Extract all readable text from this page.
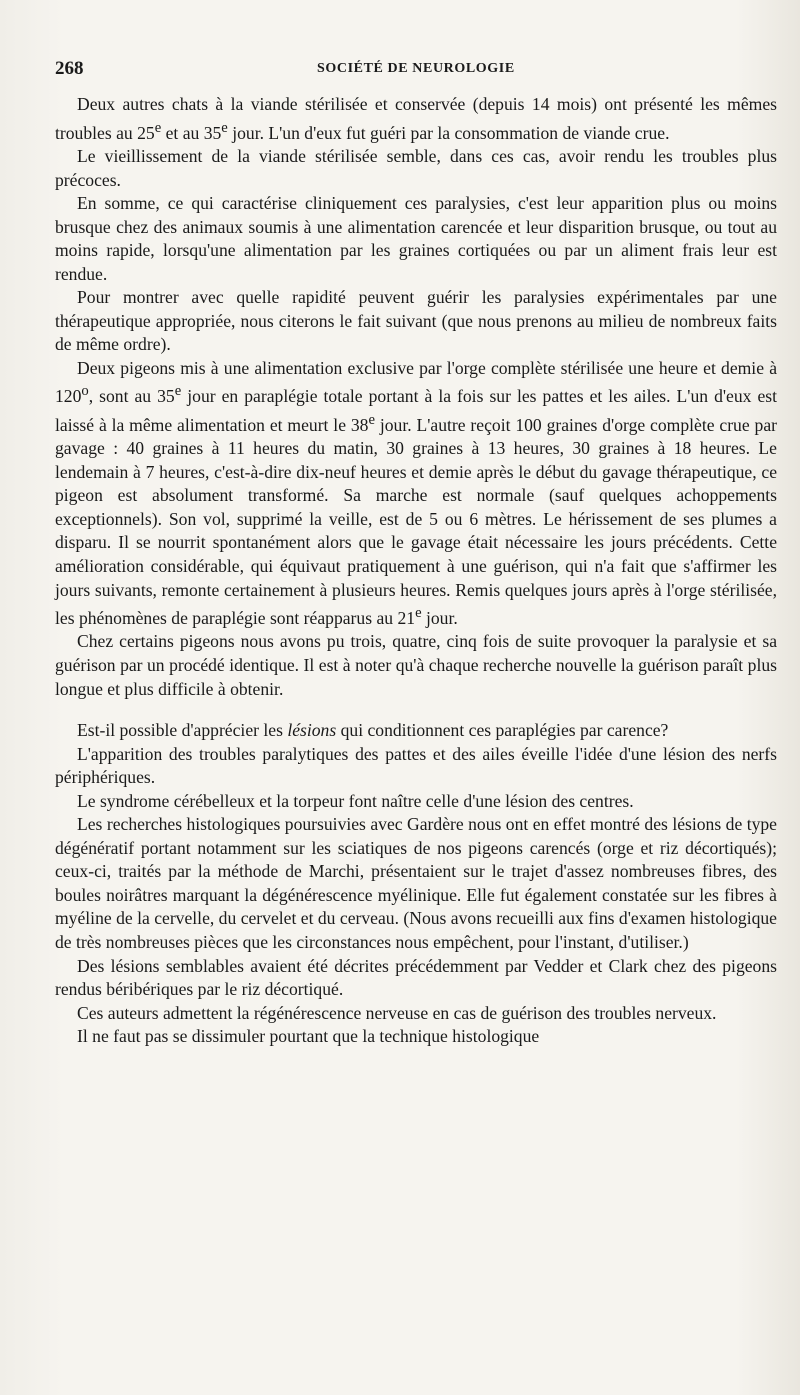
268	SOCIÉTÉ DE NEUROLOGIE

Deux autres chats à la viande stérilisée et conservée (depuis 14 mois) ont présenté les mêmes troubles au 25e et au 35e jour. L'un d'eux fut guéri par la consommation de viande crue.

Le vieillissement de la viande stérilisée semble, dans ces cas, avoir rendu les troubles plus précoces.

En somme, ce qui caractérise cliniquement ces paralysies, c'est leur apparition plus ou moins brusque chez des animaux soumis à une alimentation carencée et leur disparition brusque, ou tout au moins rapide, lorsqu'une alimentation par les graines cortiquées ou par un aliment frais leur est rendue.

Pour montrer avec quelle rapidité peuvent guérir les paralysies expérimentales par une thérapeutique appropriée, nous citerons le fait suivant (que nous prenons au milieu de nombreux faits de même ordre).

Deux pigeons mis à une alimentation exclusive par l'orge complète stérilisée une heure et demie à 120$^o$, sont au 35e jour en paraplégie totale portant à la fois sur les pattes et les ailes. L'un d'eux est laissé à la même alimentation et meurt le 38e jour. L'autre reçoit 100 graines d'orge complète crue par gavage : 40 graines à 11 heures du matin, 30 graines à 13 heures, 30 graines à 18 heures. Le lendemain à 7 heures, c'est-à-dire dix-neuf heures et demie après le début du gavage thérapeutique, ce pigeon est absolument transformé. Sa marche est normale (sauf quelques achoppements exceptionnels). Son vol, supprimé la veille, est de 5 ou 6 mètres. Le hérissement de ses plumes a disparu. Il se nourrit spontanément alors que le gavage était nécessaire les jours précédents. Cette amélioration considérable, qui équivaut pratiquement à une guérison, qui n'a fait que s'affirmer les jours suivants, remonte certainement à plusieurs heures. Remis quelques jours après à l'orge stérilisée, les phénomènes de paraplégie sont réapparus au 21e jour.

Chez certains pigeons nous avons pu trois, quatre, cinq fois de suite provoquer la paralysie et sa guérison par un procédé identique. Il est à noter qu'à chaque recherche nouvelle la guérison paraît plus longue et plus difficile à obtenir.

Est-il possible d'apprécier les lésions qui conditionnent ces paraplégies par carence?

L'apparition des troubles paralytiques des pattes et des ailes éveille l'idée d'une lésion des nerfs périphériques.

Le syndrome cérébelleux et la torpeur font naître celle d'une lésion des centres.

Les recherches histologiques poursuivies avec Gardère nous ont en effet montré des lésions de type dégénératif portant notamment sur les sciatiques de nos pigeons carencés (orge et riz décortiqués); ceux-ci, traités par la méthode de Marchi, présentaient sur le trajet d'assez nombreuses fibres, des boules noirâtres marquant la dégénérescence myélinique. Elle fut également constatée sur les fibres à myéline de la cervelle, du cervelet et du cerveau. (Nous avons recueilli aux fins d'examen histologique de très nombreuses pièces que les circonstances nous empêchent, pour l'instant, d'utiliser.)

Des lésions semblables avaient été décrites précédemment par Vedder et Clark chez des pigeons rendus béribériques par le riz décortiqué.

Ces auteurs admettent la régénérescence nerveuse en cas de guérison des troubles nerveux.

Il ne faut pas se dissimuler pourtant que la technique histologique
